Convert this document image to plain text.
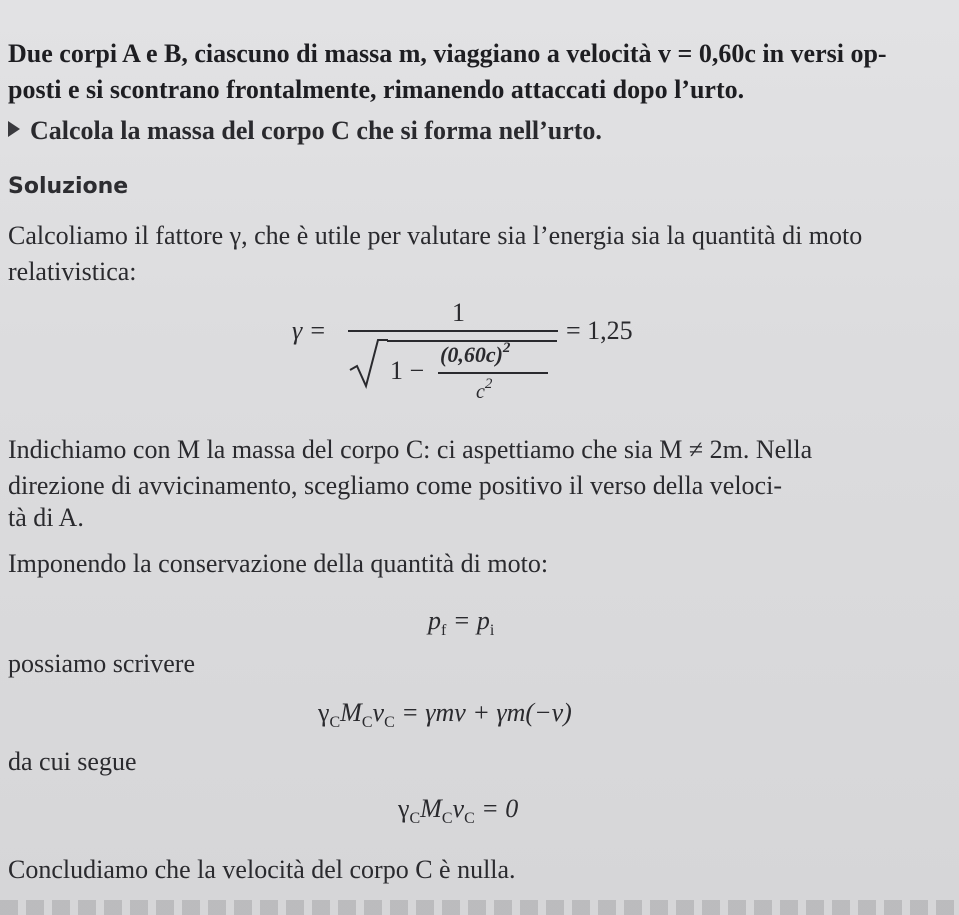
Due corpi A e B, ciascuno di massa m, viaggiano a velocità v = 0,60c in versi op-

posti e si scontrano frontalmente, rimanendo attaccati dopo l’urto.

Calcola la massa del corpo C che si forma nell’urto.
Soluzione

Calcoliamo il fattore γ, che è utile per valutare sia l’energia sia la quantità di moto

relativistica:

γ =
1
1 −
$(0,60c)^2$
$c^2$
= 1,25

Indichiamo con M la massa del corpo C: ci aspettiamo che sia M ≠ 2m. Nella

direzione di avvicinamento, scegliamo come positivo il verso della veloci-

tà di A.

Imponendo la conservazione della quantità di moto:

$p_f = p_i$

possiamo scrivere

$\gamma_CM_Cv_C = \gamma mv + \gamma m(-v)$

da cui segue

$\gamma_CM_Cv_C = 0$

Concludiamo che la velocità del corpo C è nulla.
